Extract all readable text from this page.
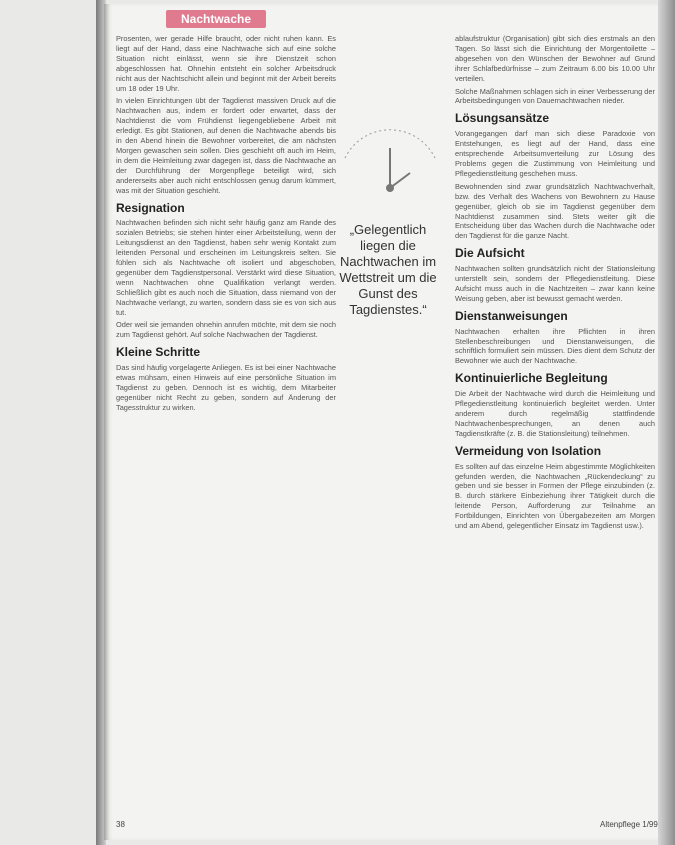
Nachtwache

Prosenten, wer gerade Hilfe braucht, oder nicht ruhen kann. Es liegt auf der Hand, dass eine Nachtwache sich auf eine solche Situation nicht einlässt, wenn sie ihre Dienstzeit schon abgeschlossen hat. Ohnehin entsteht ein solcher Arbeitsdruck nicht aus der Nachtschicht allein und beginnt mit der Arbeit bereits um 18 oder 19 Uhr.

In vielen Einrichtungen übt der Tagdienst massiven Druck auf die Nachtwachen aus, indem er fordert oder erwartet, dass der Nachtdienst die vom Frühdienst liegengebliebene Arbeit mit erledigt. Es gibt Stationen, auf denen die Nachtwache abends bis in den Abend hinein die Bewohner vorbereitet, die am nächsten Morgen gewaschen sein sollen. Dies geschieht oft auch im Heim, in dem die Heimleitung zwar dagegen ist, dass die Nachtwache an der Durchführung der Morgenpflege beteiligt wird, sich andererseits aber auch nicht entschlossen genug darum kümmert, was mit der Situation geschieht.

Resignation

Nachtwachen befinden sich nicht sehr häufig ganz am Rande des sozialen Betriebs; sie stehen hinter einer Arbeitsteilung, wenn der Leitungsdienst an den Tagdienst, haben sehr wenig Kontakt zum leitenden Personal und erscheinen im Leitungskreis selten. Sie fühlen sich als Nachtwache oft isoliert und abgeschoben, gegenüber dem Tagdienstpersonal. Verstärkt wird diese Situation, wenn Nachtwachen ohne Qualifikation verlangt werden. Schließlich gibt es auch noch die Situation, dass niemand von der Nachtwache verlangt, zu warten, sondern dass sie es von sich aus tut.

Oder weil sie jemanden ohnehin anrufen möchte, mit dem sie noch zum Tagdienst gehört. Auf solche Nachwachen der Tagdienst.

Kleine Schritte

Das sind häufig vorgelagerte Anliegen. Es ist bei einer Nachtwache etwas mühsam, einen Hinweis auf eine persönliche Situation im Tagdienst zu geben. Dennoch ist es wichtig, dem Mitarbeiter gegenüber nicht Recht zu geben, sondern auf Änderung der Tagesstruktur zu wirken.

„Gelegentlich liegen die Nachtwachen im Wettstreit um die Gunst des Tagdienstes.“

ablaufstruktur (Organisation) gibt sich dies erstmals an den Tagen. So lässt sich die Einrichtung der Morgentoilette – abgesehen von den Wünschen der Bewohner auf Grund ihrer Schlafbedürfnisse – zum Zeitraum 6.00 bis 10.00 Uhr verteilen.

Solche Maßnahmen schlagen sich in einer Verbesserung der Arbeitsbedingungen von Dauernachtwachen nieder.

Lösungsansätze

Vorangegangen darf man sich diese Paradoxie von Entstehungen, es liegt auf der Hand, dass eine entsprechende Arbeitsumverteilung zur Lösung des Problems gegen die Zustimmung von Heimleitung und Pflegedienstleitung geschehen muss.

Bewohnenden sind zwar grundsätzlich Nachtwachverhalt, bzw. des Verhalt des Wachens von Bewohnern zu Hause gegenüber, gleich ob sie im Tagdienst gegenüber dem Nachtdienst zusammen sind. Stets weiter gilt die Entscheidung über das Wachen durch die Nachtwache oder den Tagdienst für die ganze Nacht.

Die Aufsicht

Nachtwachen sollten grundsätzlich nicht der Stationsleitung unterstellt sein, sondern der Pflegedienstleitung. Diese Aufsicht muss auch in die Nachtzeiten – zwar kann keine Weisung geben, aber ist bewusst gemacht werden.

Dienstanweisungen

Nachtwachen erhalten ihre Pflichten in ihren Stellenbeschreibungen und Dienstanweisungen, die schriftlich formuliert sein müssen. Dies dient dem Schutz der Bewohner wie auch der Nachtwache.

Kontinuierliche Begleitung

Die Arbeit der Nachtwache wird durch die Heimleitung und Pflegedienstleitung kontinuierlich begleitet werden. Unter anderem durch regelmäßig stattfindende Nachtwachenbesprechungen, an denen auch Tagdienstkräfte (z. B. die Stationsleitung) teilnehmen.

Vermeidung von Isolation

Es sollten auf das einzelne Heim abgestimmte Möglichkeiten gefunden werden, die Nachtwachen „Rückendeckung“ zu geben und sie besser in Formen der Pflege einzubinden (z. B. durch stärkere Einbeziehung ihrer Tätigkeit durch die leitende Person, Aufforderung zur Teilnahme an Fortbildungen, Einrichten von Übergabezeiten am Morgen und am Abend, gelegentlicher Einsatz im Tagdienst usw.).

38	Altenpflege 1/99
